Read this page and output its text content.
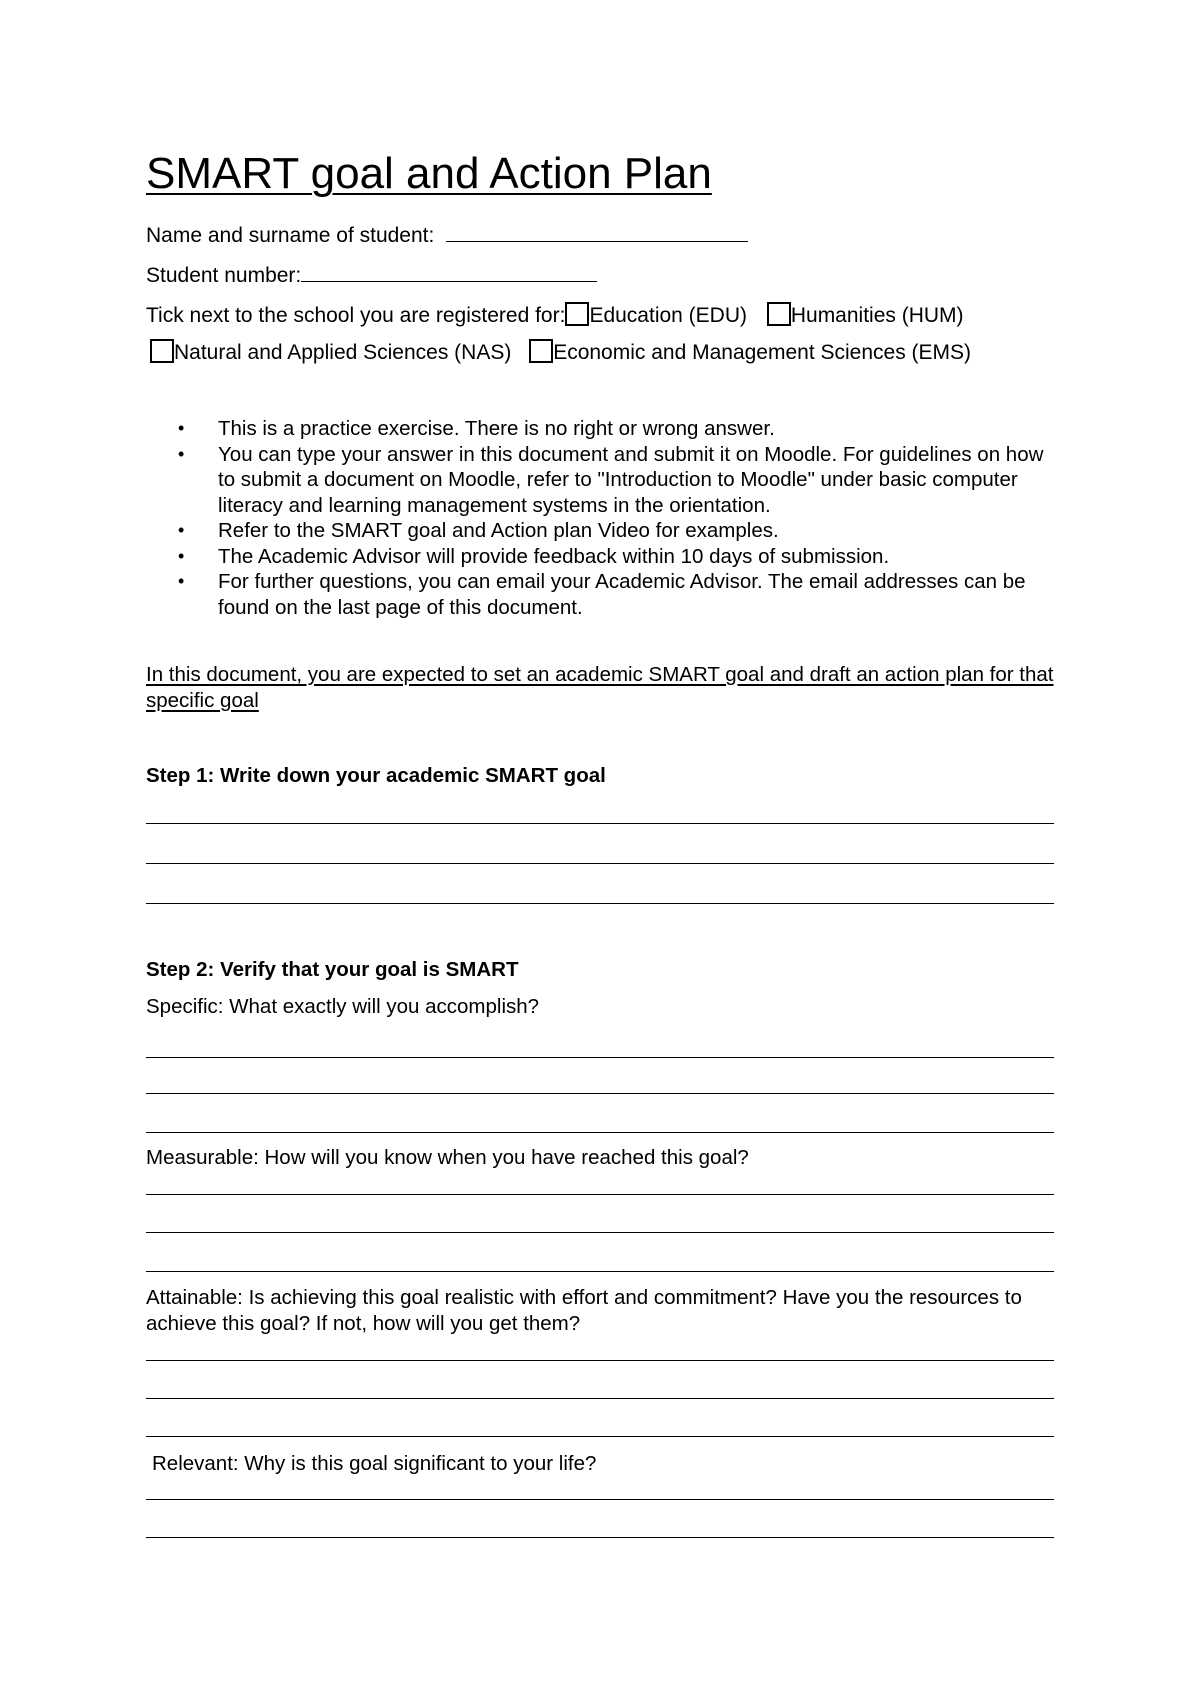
SMART goal and Action Plan
Name and surname of student:
Student number:
Tick next to the school you are registered for: Education (EDU) Humanities (HUM)
Natural and Applied Sciences (NAS) Economic and Management Sciences (EMS)
• This is a practice exercise. There is no right or wrong answer.
• You can type your answer in this document and submit it on Moodle. For guidelines on how to submit a document on Moodle, refer to "Introduction to Moodle" under basic computer literacy and learning management systems in the orientation.
• Refer to the SMART goal and Action plan Video for examples.
• The Academic Advisor will provide feedback within 10 days of submission.
• For further questions, you can email your Academic Advisor. The email addresses can be found on the last page of this document.
In this document, you are expected to set an academic SMART goal and draft an action plan for that specific goal
Step 1: Write down your academic SMART goal
Step 2: Verify that your goal is SMART
Specific: What exactly will you accomplish?
Measurable: How will you know when you have reached this goal?
Attainable: Is achieving this goal realistic with effort and commitment? Have you the resources to achieve this goal? If not, how will you get them?
Relevant: Why is this goal significant to your life?
